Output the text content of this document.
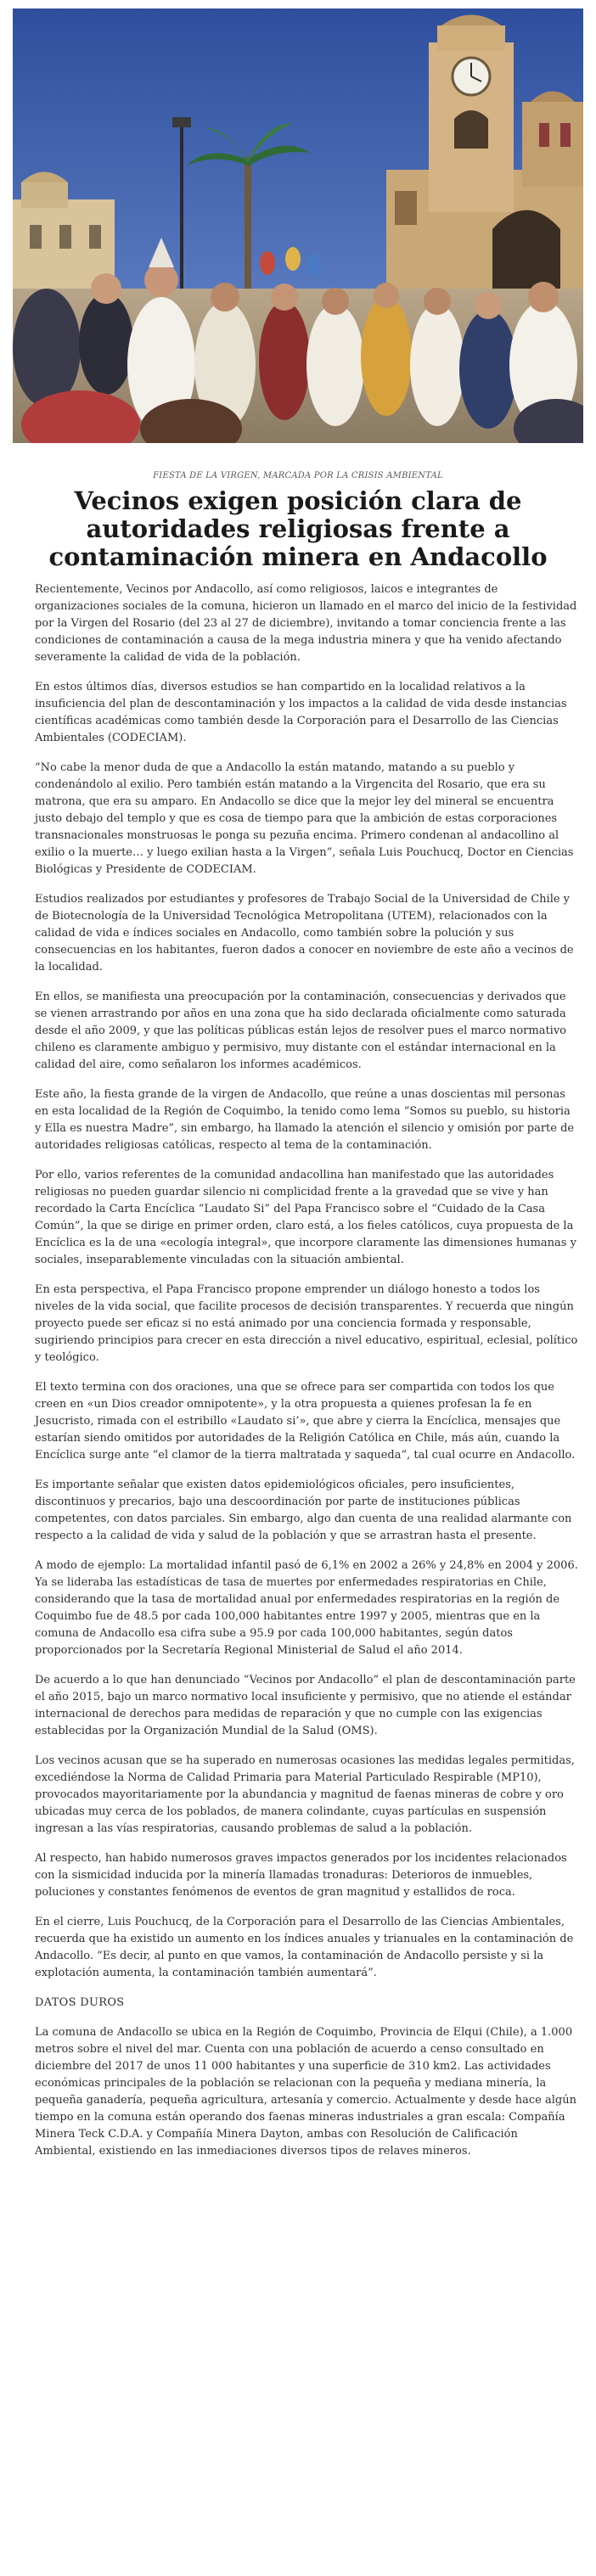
FIESTA DE LA VIRGEN, MARCADA POR LA CRISIS AMBIENTAL
Vecinos exigen posición clara de autoridades religiosas frente a contaminación minera en Andacollo

Recientemente, Vecinos por Andacollo, así como religiosos, laicos e integrantes de organizaciones sociales de la comuna, hicieron un llamado en el marco del inicio de la festividad por la Virgen del Rosario (del 23 al 27 de diciembre), invitando a tomar conciencia frente a las condiciones de contaminación a causa de la mega industria minera y que ha venido afectando severamente la calidad de vida de la población.

En estos últimos días, diversos estudios se han compartido en la localidad relativos a la insuficiencia del plan de descontaminación y los impactos a la calidad de vida desde instancias científicas académicas como también desde la Corporación para el Desarrollo de las Ciencias Ambientales (CODECIAM).

“No cabe la menor duda de que a Andacollo la están matando, matando a su pueblo y condenándolo al exilio. Pero también están matando a la Virgencita del Rosario, que era su matrona, que era su amparo. En Andacollo se dice que la mejor ley del mineral se encuentra justo debajo del templo y que es cosa de tiempo para que la ambición de estas corporaciones transnacionales monstruosas le ponga su pezuña encima. Primero condenan al andacollino al exilio o la muerte… y luego exilian hasta a la Virgen”, señala Luis Pouchucq, Doctor en Ciencias Biológicas y Presidente de CODECIAM.

Estudios realizados por estudiantes y profesores de Trabajo Social de la Universidad de Chile y de Biotecnología de la Universidad Tecnológica Metropolitana (UTEM), relacionados con la calidad de vida e índices sociales en Andacollo, como también sobre la polución y sus consecuencias en los habitantes, fueron dados a conocer en noviembre de este año a vecinos de la localidad.

En ellos, se manifiesta una preocupación por la contaminación, consecuencias y derivados que se vienen arrastrando por años en una zona que ha sido declarada oficialmente como saturada desde el año 2009, y que las políticas públicas están lejos de resolver pues el marco normativo chileno es claramente ambiguo y permisivo, muy distante con el estándar internacional en la calidad del aire, como señalaron los informes académicos.

Este año, la fiesta grande de la virgen de Andacollo, que reúne a unas doscientas mil personas en esta localidad de la Región de Coquimbo, la tenido como lema “Somos su pueblo, su historia y Ella es nuestra Madre”, sin embargo, ha llamado la atención el silencio y omisión por parte de autoridades religiosas católicas, respecto al tema de la contaminación.

Por ello, varios referentes de la comunidad andacollina han manifestado que las autoridades religiosas no pueden guardar silencio ni complicidad frente a la gravedad que se vive y han recordado la Carta Encíclica “Laudato Si” del Papa Francisco sobre el “Cuidado de la Casa Común”, la que se dirige en primer orden, claro está, a los fieles católicos, cuya propuesta de la Encíclica es la de una «ecología integral», que incorpore claramente las dimensiones humanas y sociales, inseparablemente vinculadas con la situación ambiental.

En esta perspectiva, el Papa Francisco propone emprender un diálogo honesto a todos los niveles de la vida social, que facilite procesos de decisión transparentes. Y recuerda que ningún proyecto puede ser eficaz si no está animado por una conciencia formada y responsable, sugiriendo principios para crecer en esta dirección a nivel educativo, espiritual, eclesial, político y teológico.

El texto termina con dos oraciones, una que se ofrece para ser compartida con todos los que creen en «un Dios creador omnipotente», y la otra propuesta a quienes profesan la fe en Jesucristo, rimada con el estribillo «Laudato si’», que abre y cierra la Encíclica, mensajes que estarían siendo omitidos por autoridades de la Religión Católica en Chile, más aún, cuando la Encíclica surge ante “el clamor de la tierra maltratada y saqueda”, tal cual ocurre en Andacollo.

Es importante señalar que existen datos epidemiológicos oficiales, pero insuficientes, discontinuos y precarios, bajo una descoordinación por parte de instituciones públicas competentes, con datos parciales. Sin embargo, algo dan cuenta de una realidad alarmante con respecto a la calidad de vida y salud de la población y que se arrastran hasta el presente.

A modo de ejemplo: La mortalidad infantil pasó de 6,1% en 2002 a 26% y 24,8% en 2004 y 2006. Ya se lideraba las estadísticas de tasa de muertes por enfermedades respiratorias en Chile, considerando que la tasa de mortalidad anual por enfermedades respiratorias en la región de Coquimbo fue de 48.5 por cada 100,000 habitantes entre 1997 y 2005, mientras que en la comuna de Andacollo esa cifra sube a 95.9 por cada 100,000 habitantes, según datos proporcionados por la Secretaría Regional Ministerial de Salud el año 2014.

De acuerdo a lo que han denunciado “Vecinos por Andacollo” el plan de descontaminación parte el año 2015, bajo un marco normativo local insuficiente y permisivo, que no atiende el estándar internacional de derechos para medidas de reparación y que no cumple con las exigencias establecidas por la Organización Mundial de la Salud (OMS).

Los vecinos acusan que se ha superado en numerosas ocasiones las medidas legales permitidas, excediéndose la Norma de Calidad Primaria para Material Particulado Respirable (MP10), provocados mayoritariamente por la abundancia y magnitud de faenas mineras de cobre y oro ubicadas muy cerca de los poblados, de manera colindante, cuyas partículas en suspensión ingresan a las vías respiratorias, causando problemas de salud a la población.

Al respecto, han habido numerosos graves impactos generados por los incidentes relacionados con la sismicidad inducida por la minería llamadas tronaduras: Deterioros de inmuebles, poluciones y constantes fenómenos de eventos de gran magnitud y estallidos de roca.

En el cierre, Luis Pouchucq, de la Corporación para el Desarrollo de las Ciencias Ambientales, recuerda que ha existido un aumento en los índices anuales y trianuales en la contaminación de Andacollo. “Es decir, al punto en que vamos, la contaminación de Andacollo persiste y si la explotación aumenta, la contaminación también aumentará”.

DATOS DUROS

La comuna de Andacollo se ubica en la Región de Coquimbo, Provincia de Elqui (Chile), a 1.000 metros sobre el nivel del mar. Cuenta con una población de acuerdo a censo consultado en diciembre del 2017 de unos 11 000 habitantes y una superficie de 310 km2. Las actividades económicas principales de la población se relacionan con la pequeña y mediana minería, la pequeña ganadería, pequeña agricultura, artesanía y comercio. Actualmente y desde hace algún tiempo en la comuna están operando dos faenas mineras industriales a gran escala: Compañía Minera Teck C.D.A. y Compañía Minera Dayton, ambas con Resolución de Calificación Ambiental, existiendo en las inmediaciones diversos tipos de relaves mineros.
